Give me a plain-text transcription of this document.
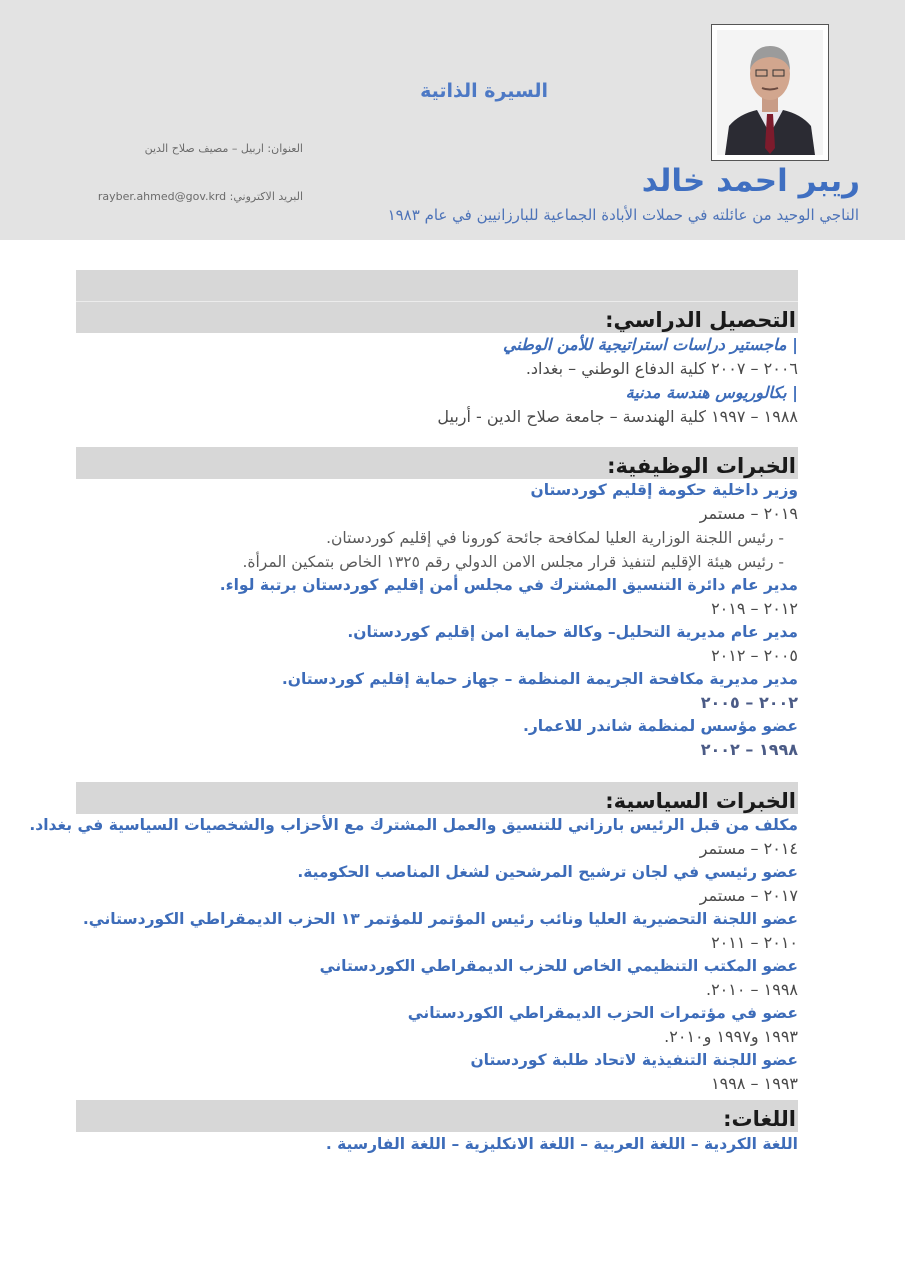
السيرة الذاتية
العنوان: اربيل – مصيف صلاح الدين
البريد الاكتروني: rayber.ahmed@gov.krd	ريبر احمد خالد
الناجي الوحيد من عائلته في حملات الأبادة الجماعية للبارزانيين في عام ١٩٨٣
التحصيل الدراسي:
| ماجستير دراسات استراتيجية للأمن الوطني
٢٠٠٦ – ٢٠٠٧ كلية الدفاع الوطني – بغداد.
| بكالوريوس هندسة مدنية
١٩٨٨ – ١٩٩٧ كلية الهندسة – جامعة صلاح الدين - أربيل
الخبرات الوظيفية:
وزير داخلية حكومة إقليم كوردستان
٢٠١٩ – مستمر
- رئيس اللجنة الوزارية العليا لمكافحة جائحة كورونا في إقليم كوردستان.
- رئيس هيئة الإقليم لتنفيذ قرار مجلس الامن الدولي رقم ١٣٢٥ الخاص بتمكين المرأة.
مدير عام دائرة التنسيق المشترك في مجلس أمن إقليم كوردستان برتبة لواء.
٢٠١٢ – ٢٠١٩
مدير عام مديرية التحليل– وكالة حماية امن إقليم كوردستان.
٢٠٠٥ – ٢٠١٢
مدير مديرية مكافحة الجريمة المنظمة – جهاز حماية إقليم كوردستان.
٢٠٠٢ – ٢٠٠٥
عضو مؤسس لمنظمة شاندر للاعمار.
١٩٩٨ – ٢٠٠٢
الخبرات السياسية:
مكلف من قبل الرئيس بارزاني للتنسيق والعمل المشترك مع الأحزاب والشخصيات السياسية في بغداد.
٢٠١٤ – مستمر
عضو رئيسي في لجان ترشيح المرشحين لشغل المناصب الحكومية.
٢٠١٧ – مستمر
عضو اللجنة التحضيرية العليا ونائب رئيس المؤتمر للمؤتمر ١٣ الحزب الديمقراطي الكوردستاني.
٢٠١٠ – ٢٠١١
عضو المكتب التنظيمي الخاص للحزب الديمقراطي الكوردستاني
١٩٩٨ – ٢٠١٠.
عضو في مؤتمرات الحزب الديمقراطي الكوردستاني
١٩٩٣ و١٩٩٧ و٢٠١٠.
عضو اللجنة التنفيذية لاتحاد طلبة كوردستان
١٩٩٣ – ١٩٩٨
اللغات:
اللغة الكردية – اللغة العربية – اللغة الانكليزية – اللغة الفارسية .
